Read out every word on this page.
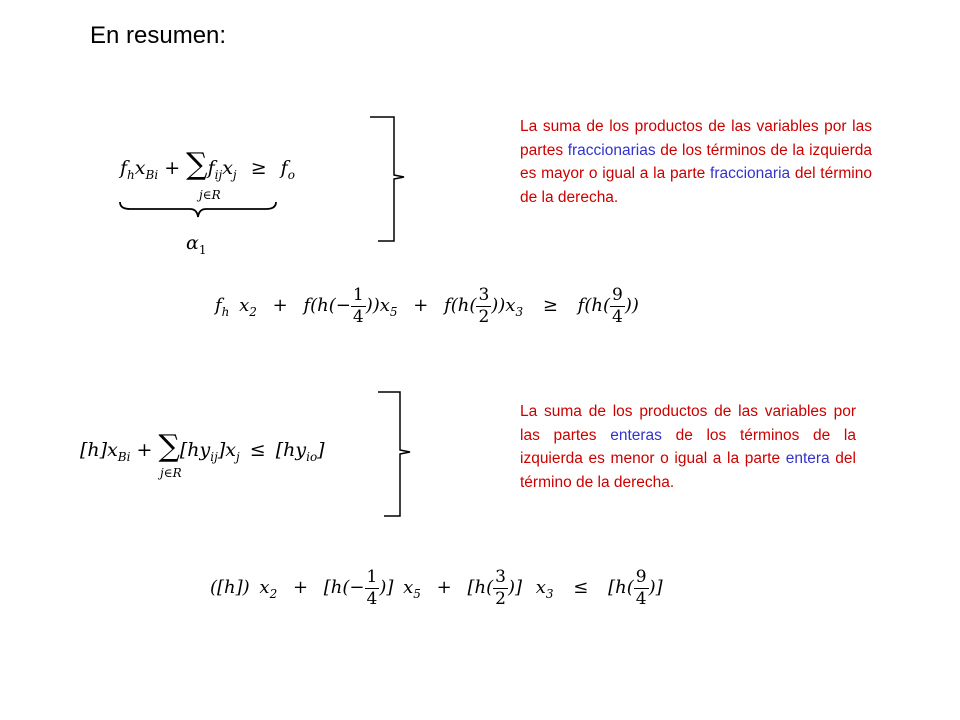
En resumen:
$f_hx_{Bi} + \sum f_{ij}x_j \ge f_o$
j∈R
$\alpha_1$
La suma de los productos de las variables por las partes fraccionarias de los términos de la izquierda es mayor o igual a la parte fraccionaria del término de la derecha.
$f_h$ $x_2 + f(h(- \frac{1}{4} ))x_5 + f(h( \frac{3}{2} ))x_3 \ge f(h( \frac{9}{4}$ ))
$[h]x_{Bi} + \sum[hy_{ij}]x_j \le [hy_{io}]$
j∈R
La suma de los productos de las variables por las partes enteras de los términos de la izquierda es menor o igual a la parte entera del término de la derecha.
([h]) $x_2 + [h(- \frac{1}{4}$ )] $x_5 + [h( \frac{3}{2}$ )] $x_3 \le [h( \frac{9}{4}$ )]
